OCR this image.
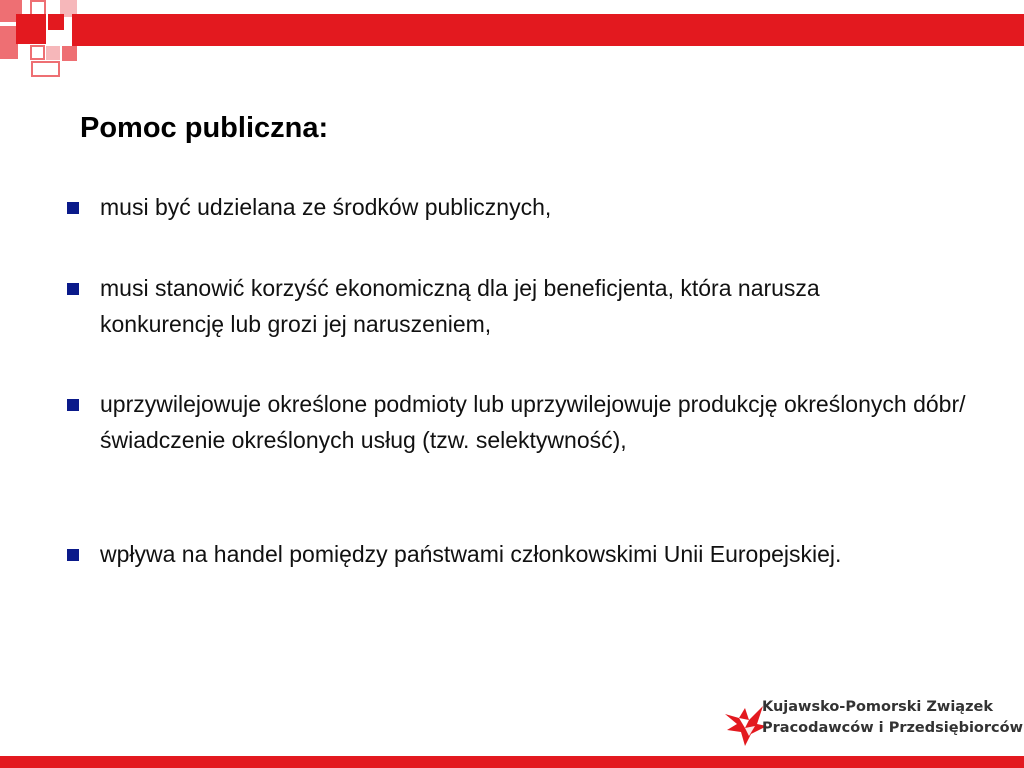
Pomoc publiczna:

musi być udzielana ze środków publicznych,

musi stanowić korzyść ekonomiczną dla jej beneficjenta, która narusza konkurencję lub grozi jej naruszeniem,

uprzywilejowuje określone podmioty lub uprzywilejowuje produkcję określonych dóbr/świadczenie określonych usług (tzw. selektywność),

wpływa na handel pomiędzy państwami członkowskimi Unii Europejskiej.

Kujawsko-Pomorski Związek
Pracodawców i Przedsiębiorców
